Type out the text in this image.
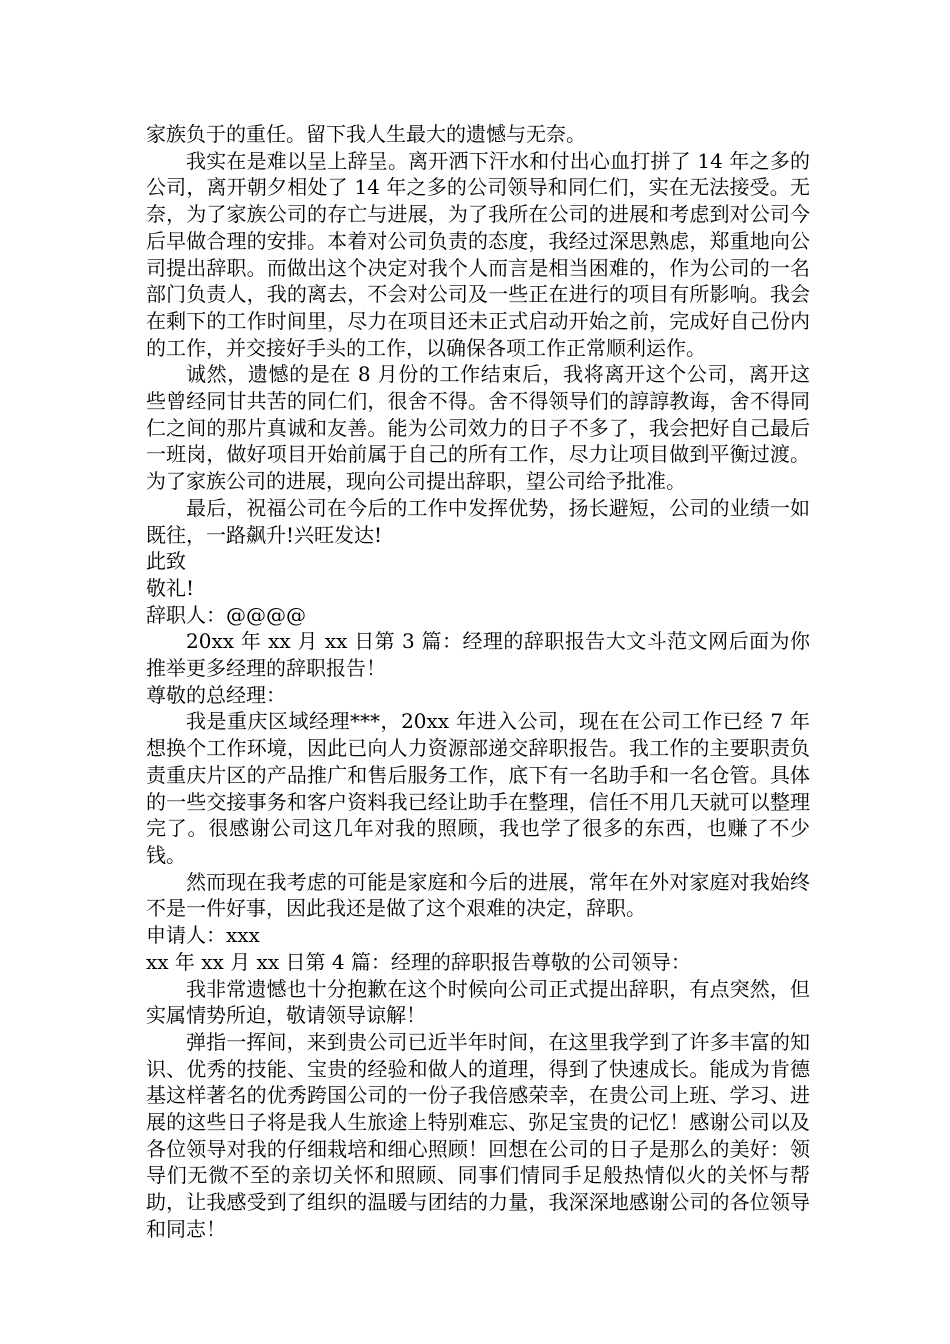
家族负于的重任。留下我人生最大的遗憾与无奈。

我实在是难以呈上辞呈。离开洒下汗水和付出心血打拼了 14 年之多的公司，离开朝夕相处了 14 年之多的公司领导和同仁们，实在无法接受。无奈，为了家族公司的存亡与进展，为了我所在公司的进展和考虑到对公司今后早做合理的安排。本着对公司负责的态度，我经过深思熟虑，郑重地向公司提出辞职。而做出这个决定对我个人而言是相当困难的，作为公司的一名部门负责人，我的离去，不会对公司及一些正在进行的项目有所影响。我会在剩下的工作时间里，尽力在项目还未正式启动开始之前，完成好自己份内的工作，并交接好手头的工作，以确保各项工作正常顺利运作。

诚然，遗憾的是在 8 月份的工作结束后，我将离开这个公司，离开这些曾经同甘共苦的同仁们，很舍不得。舍不得领导们的諄諄教诲，舍不得同仁之间的那片真诚和友善。能为公司效力的日子不多了，我会把好自己最后一班岗，做好项目开始前属于自己的所有工作，尽力让项目做到平衡过渡。为了家族公司的进展，现向公司提出辞职，望公司给予批准。

最后，祝福公司在今后的工作中发挥优势，扬长避短，公司的业绩一如既往，一路飙升!兴旺发达!

此致

敬礼!

辞职人：@@@@

20xx 年 xx 月 xx 日第 3 篇：经理的辞职报告大文斗范文网后面为你推举更多经理的辞职报告！

尊敬的总经理：

我是重庆区域经理***，20xx 年进入公司，现在在公司工作已经 7 年想换个工作环境，因此已向人力资源部递交辞职报告。我工作的主要职责负责重庆片区的产品推广和售后服务工作，底下有一名助手和一名仓管。具体的一些交接事务和客户资料我已经让助手在整理，信任不用几天就可以整理完了。很感谢公司这几年对我的照顾，我也学了很多的东西，也赚了不少钱。

然而现在我考虑的可能是家庭和今后的进展，常年在外对家庭对我始终不是一件好事，因此我还是做了这个艰难的决定，辞职。

申请人：xxx

xx 年 xx 月 xx 日第 4 篇：经理的辞职报告尊敬的公司领导：

我非常遗憾也十分抱歉在这个时候向公司正式提出辞职，有点突然，但实属情势所迫，敬请领导谅解！

弹指一挥间，来到贵公司已近半年时间，在这里我学到了许多丰富的知识、优秀的技能、宝贵的经验和做人的道理，得到了快速成长。能成为肯德基这样著名的优秀跨国公司的一份子我倍感荣幸，在贵公司上班、学习、进展的这些日子将是我人生旅途上特别难忘、弥足宝贵的记忆！感谢公司以及各位领导对我的仔细栽培和细心照顾！回想在公司的日子是那么的美好：领导们无微不至的亲切关怀和照顾、同事们情同手足般热情似火的关怀与帮助，让我感受到了组织的温暖与团结的力量，我深深地感谢公司的各位领导和同志！
